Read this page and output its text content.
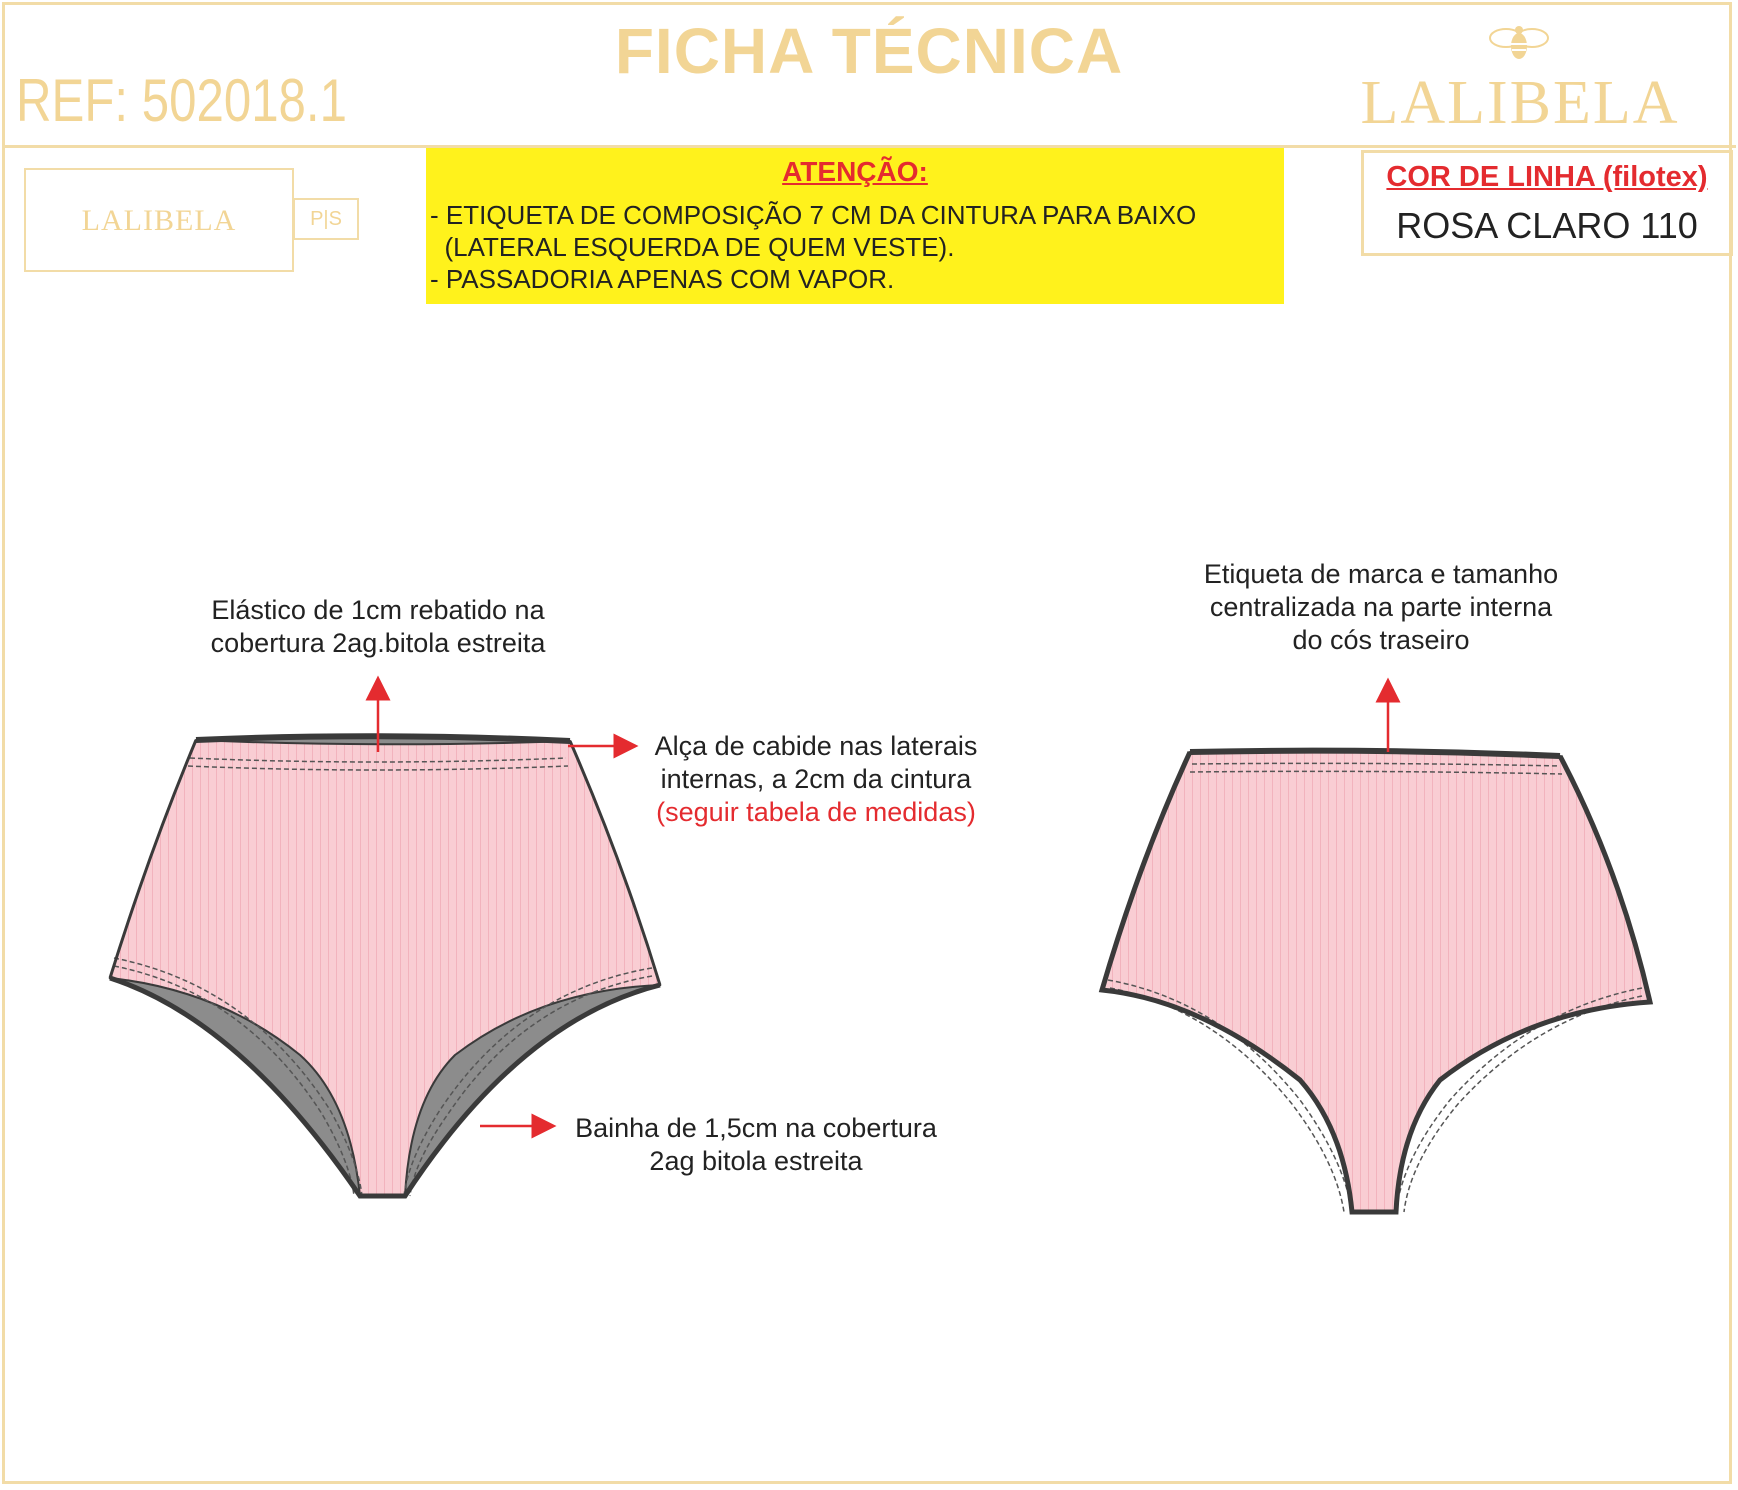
FICHA TÉCNICA
REF: 502018.1	LALIBELA
LALIBELA	P|S
ATENÇÃO:
- ETIQUETA DE COMPOSIÇÃO 7 CM DA CINTURA PARA BAIXO
(LATERAL ESQUERDA DE QUEM VESTE).
- PASSADORIA APENAS COM VAPOR.
COR DE LINHA (filotex)
ROSA CLARO 110
Elástico de 1cm rebatido na
cobertura 2ag.bitola estreita
Alça de cabide nas laterais
internas, a 2cm da cintura
(seguir tabela de medidas)
Bainha de 1,5cm na cobertura
2ag bitola estreita
Etiqueta de marca e tamanho
centralizada na parte interna
do cós traseiro
